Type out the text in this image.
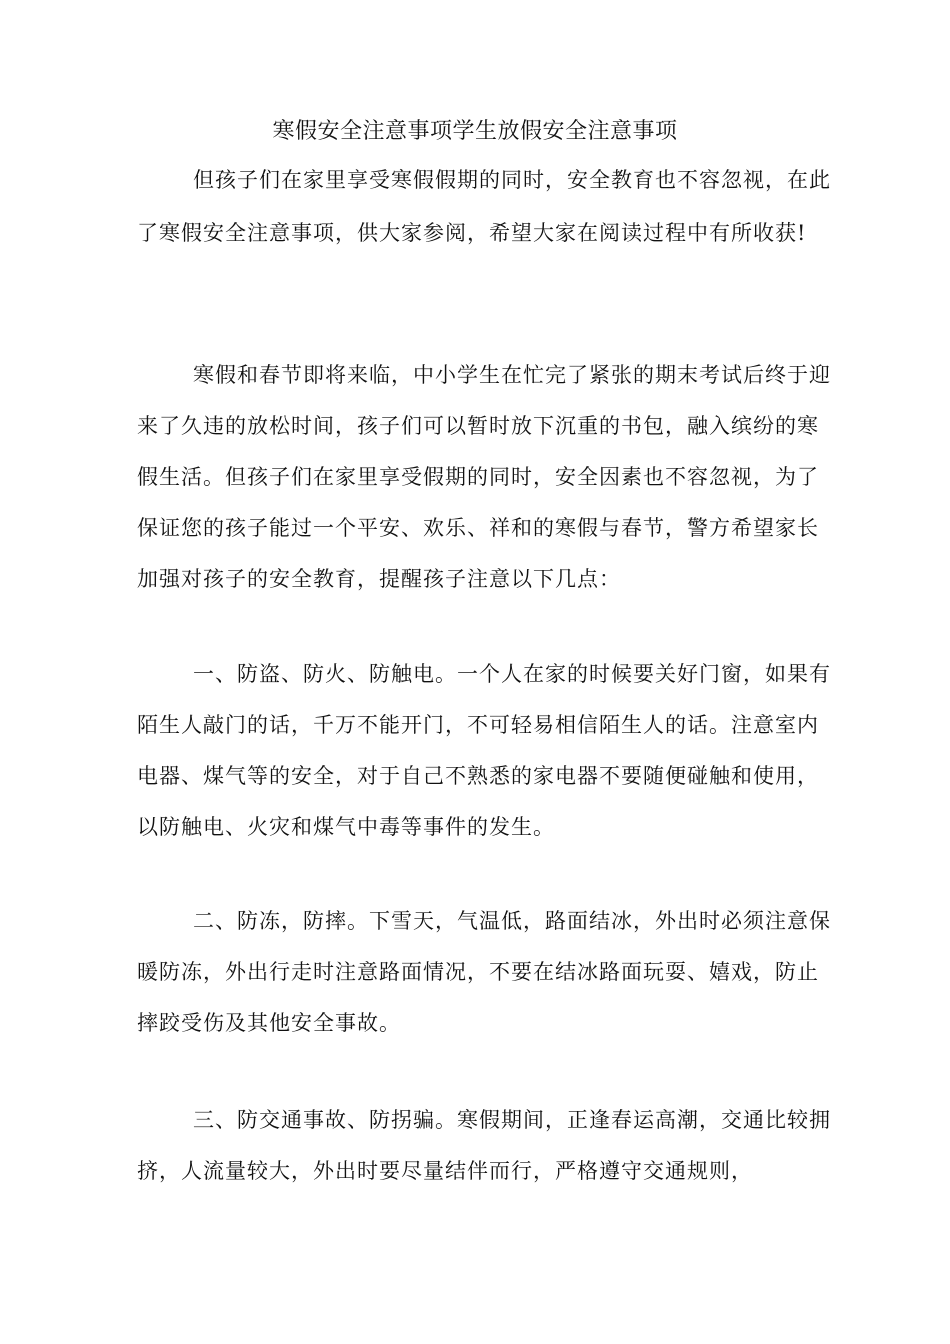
寒假安全注意事项学生放假安全注意事项

但孩子们在家里享受寒假假期的同时，安全教育也不容忽视，在此了寒假安全注意事项，供大家参阅，希望大家在阅读过程中有所收获!

寒假和春节即将来临，中小学生在忙完了紧张的期末考试后终于迎来了久违的放松时间，孩子们可以暂时放下沉重的书包，融入缤纷的寒假生活。但孩子们在家里享受假期的同时，安全因素也不容忽视，为了保证您的孩子能过一个平安、欢乐、祥和的寒假与春节，警方希望家长加强对孩子的安全教育，提醒孩子注意以下几点：

一、防盗、防火、防触电。一个人在家的时候要关好门窗，如果有陌生人敲门的话，千万不能开门，不可轻易相信陌生人的话。注意室内电器、煤气等的安全，对于自己不熟悉的家电器不要随便碰触和使用，以防触电、火灾和煤气中毒等事件的发生。

二、防冻，防摔。下雪天，气温低，路面结冰，外出时必须注意保暖防冻，外出行走时注意路面情况，不要在结冰路面玩耍、嬉戏，防止摔跤受伤及其他安全事故。

三、防交通事故、防拐骗。寒假期间，正逢春运高潮，交通比较拥挤，人流量较大，外出时要尽量结伴而行，严格遵守交通规则，
